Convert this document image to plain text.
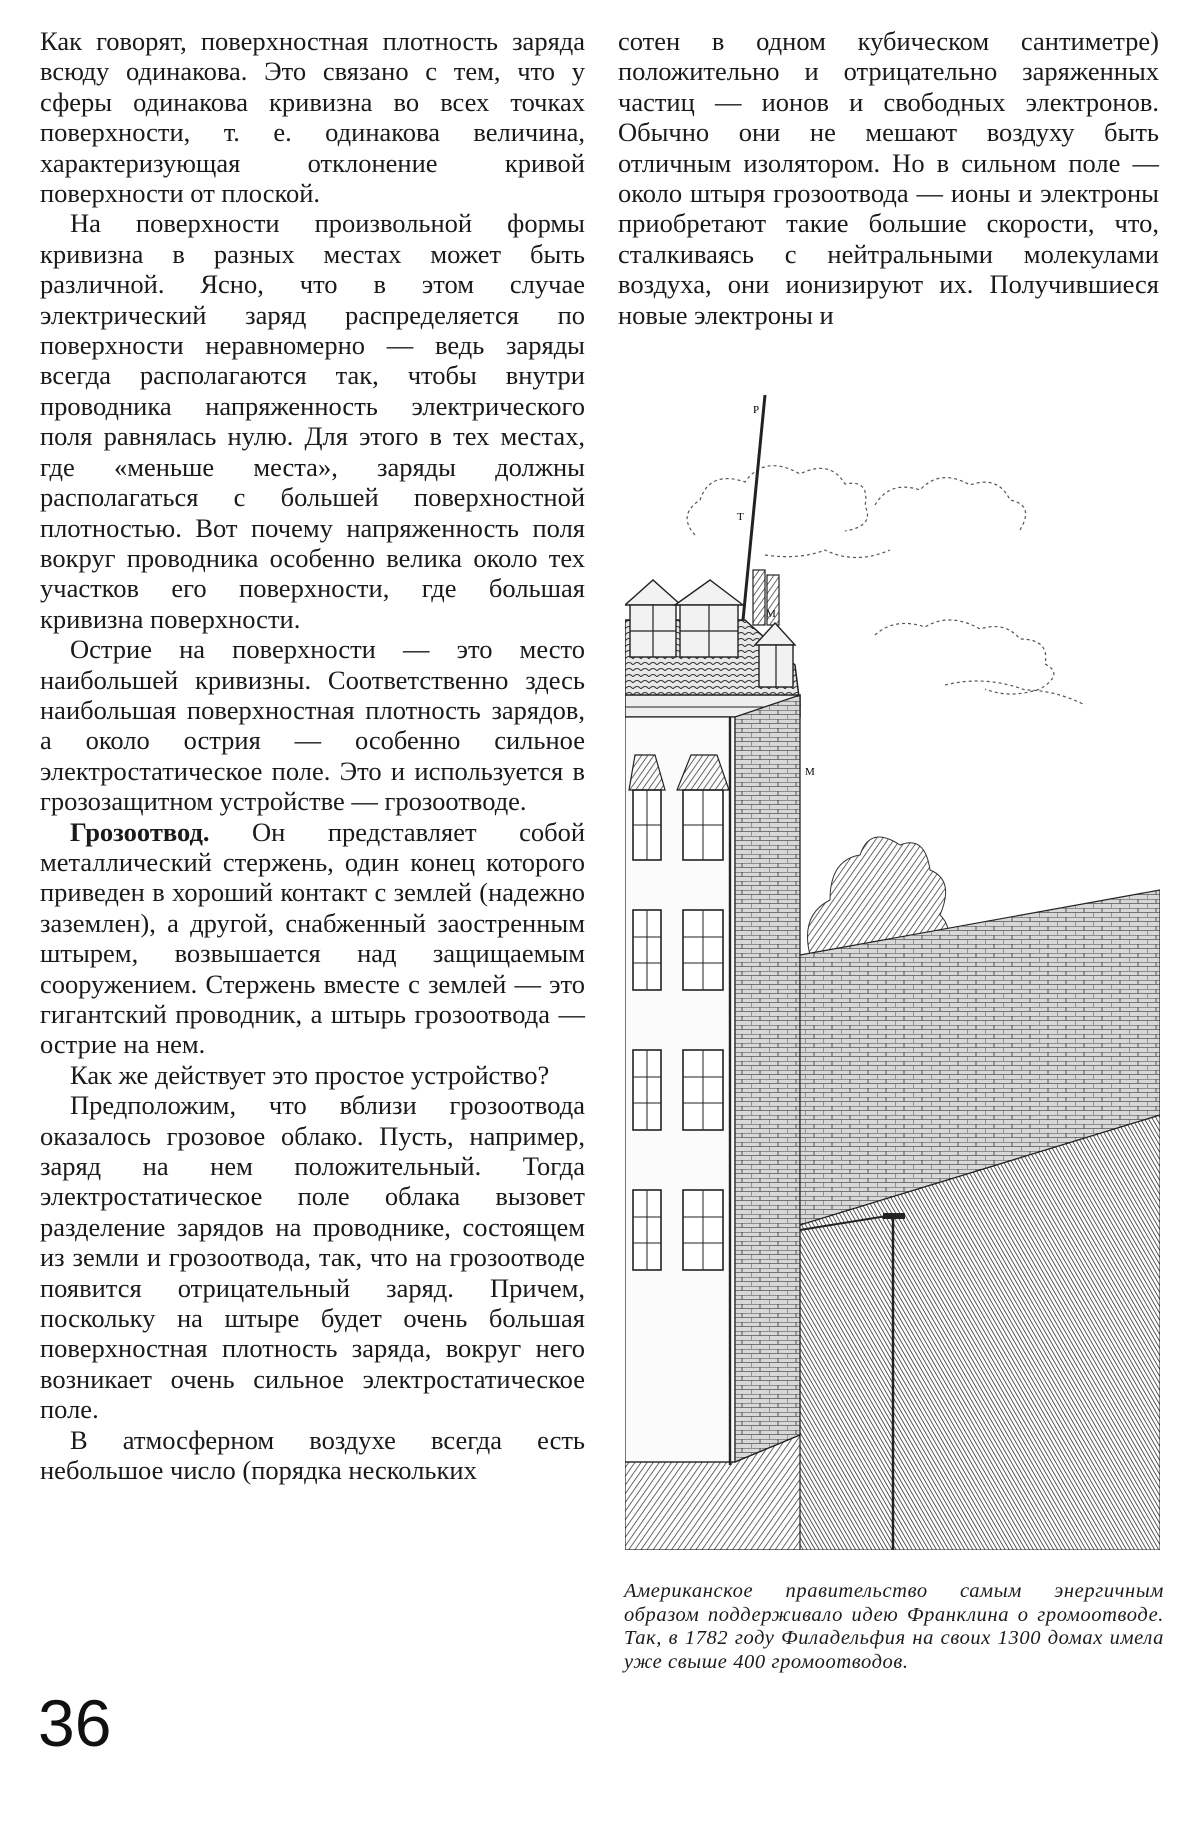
Как говорят, поверхностная плотность заряда всюду одинакова. Это связано с тем, что у сферы одинакова кривизна во всех точках поверхности, т. е. одинакова величина, характеризующая отклонение кривой поверхности от плоской.

На поверхности произвольной формы кривизна в разных местах может быть различной. Ясно, что в этом случае электрический заряд распределяется по поверхности неравномерно — ведь заряды всегда располагаются так, чтобы внутри проводника напряженность электрического поля равнялась нулю. Для этого в тех местах, где «меньше места», заряды должны располагаться с большей поверхностной плотностью. Вот почему напряженность поля вокруг проводника особенно велика около тех участков его поверхности, где большая кривизна поверхности.

Острие на поверхности — это место наибольшей кривизны. Соответственно здесь наибольшая поверхностная плотность зарядов, а около острия — особенно сильное электростатическое поле. Это и используется в грозозащитном устройстве — грозоотводе.

Грозоотвод. Он представляет собой металлический стержень, один конец которого приведен в хороший контакт с землей (надежно заземлен), а другой, снабженный заостренным штырем, возвышается над защищаемым сооружением. Стержень вместе с землей — это гигантский проводник, а штырь грозоотвода — острие на нем.

Как же действует это простое устройство?

Предположим, что вблизи грозоотвода оказалось грозовое облако. Пусть, например, заряд на нем положительный. Тогда электростатическое поле облака вызовет разделение зарядов на проводнике, состоящем из земли и грозоотвода, так, что на грозоотводе появится отрицательный заряд. Причем, поскольку на штыре будет очень большая поверхностная плотность заряда, вокруг него возникает очень сильное электростатическое поле.

В атмосферном воздухе всегда есть небольшое число (порядка нескольких

сотен в одном кубическом сантиметре) положительно и отрицательно заряженных частиц — ионов и свободных электронов. Обычно они не мешают воздуху быть отличным изолятором. Но в сильном поле — около штыря грозоотвода — ионы и электроны приобретают такие большие скорости, что, сталкиваясь с нейтральными молекулами воздуха, они ионизируют их. Получившиеся новые электроны и

P
T
M
Американское правительство самым энергичным образом поддерживало идею Франклина о громоотводе. Так, в 1782 году Филадельфия на своих 1300 домах имела уже свыше 400 громоотводов.
36
